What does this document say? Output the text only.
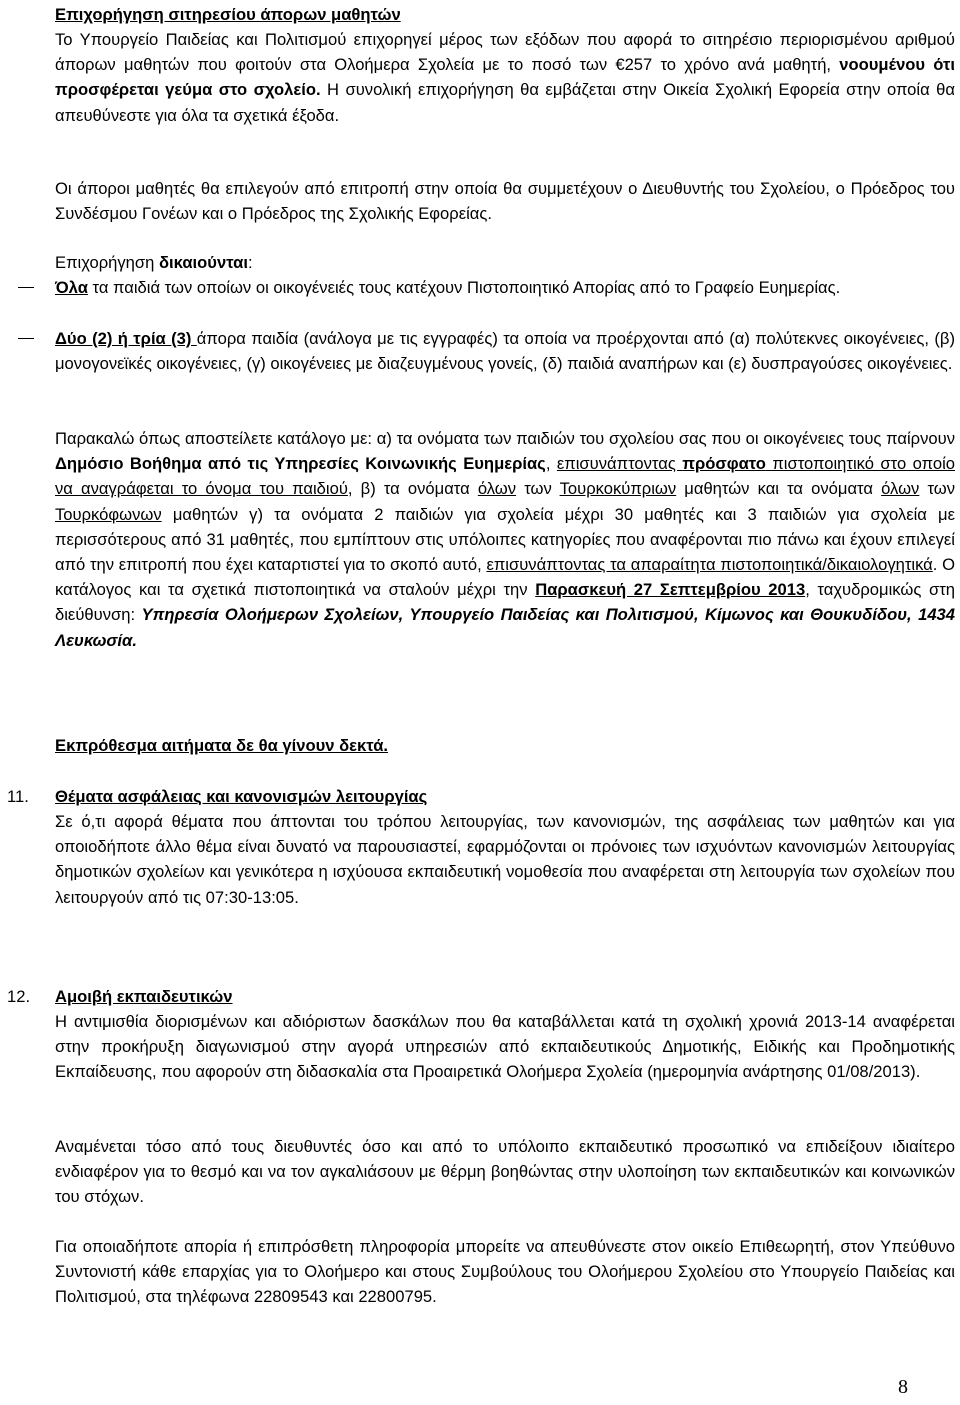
Επιχορήγηση σιτηρεσίου άπορων μαθητών
Το Υπουργείο Παιδείας και Πολιτισμού επιχορηγεί μέρος των εξόδων που αφορά το σιτηρέσιο περιορισμένου αριθμού άπορων μαθητών που φοιτούν στα Ολοήμερα Σχολεία με το ποσό των €257 το χρόνο ανά μαθητή, νοουμένου ότι προσφέρεται γεύμα στο σχολείο. Η συνολική επιχορήγηση θα εμβάζεται στην Οικεία Σχολική Εφορεία στην οποία θα απευθύνεστε για όλα τα σχετικά έξοδα.
Οι άποροι μαθητές θα επιλεγούν από επιτροπή στην οποία θα συμμετέχουν ο Διευθυντής του Σχολείου, ο Πρόεδρος του Συνδέσμου Γονέων και ο Πρόεδρος της Σχολικής Εφορείας.
Επιχορήγηση δικαιούνται:
Όλα τα παιδιά των οποίων οι οικογένειές τους κατέχουν Πιστοποιητικό Απορίας από το Γραφείο Ευημερίας.
Δύο (2) ή τρία (3) άπορα παιδία (ανάλογα με τις εγγραφές) τα οποία να προέρχονται από (α) πολύτεκνες οικογένειες, (β) μονογονεϊκές οικογένειες, (γ) οικογένειες με διαζευγμένους γονείς, (δ) παιδιά αναπήρων και (ε) δυσπραγούσες οικογένειες.
Παρακαλώ όπως αποστείλετε κατάλογο με: α) τα ονόματα των παιδιών του σχολείου σας που οι οικογένειες τους παίρνουν Δημόσιο Βοήθημα από τις Υπηρεσίες Κοινωνικής Ευημερίας, επισυνάπτοντας πρόσφατο πιστοποιητικό στο οποίο να αναγράφεται το όνομα του παιδιού, β) τα ονόματα όλων των Τουρκοκύπριων μαθητών και τα ονόματα όλων των Τουρκόφωνων μαθητών γ) τα ονόματα 2 παιδιών για σχολεία μέχρι 30 μαθητές και 3 παιδιών για σχολεία με περισσότερους από 31 μαθητές, που εμπίπτουν στις υπόλοιπες κατηγορίες που αναφέρονται πιο πάνω και έχουν επιλεγεί από την επιτροπή που έχει καταρτιστεί για το σκοπό αυτό, επισυνάπτοντας τα απαραίτητα πιστοποιητικά/δικαιολογητικά. Ο κατάλογος και τα σχετικά πιστοποιητικά να σταλούν μέχρι την Παρασκευή 27 Σεπτεμβρίου 2013, ταχυδρομικώς στη διεύθυνση: Υπηρεσία Ολοήμερων Σχολείων, Υπουργείο Παιδείας και Πολιτισμού, Κίμωνος και Θουκυδίδου, 1434 Λευκωσία.
Εκπρόθεσμα αιτήματα δε θα γίνουν δεκτά.
11. Θέματα ασφάλειας και κανονισμών λειτουργίας
Σε ό,τι αφορά θέματα που άπτονται του τρόπου λειτουργίας, των κανονισμών, της ασφάλειας των μαθητών και για οποιοδήποτε άλλο θέμα είναι δυνατό να παρουσιαστεί, εφαρμόζονται οι πρόνοιες των ισχυόντων κανονισμών λειτουργίας δημοτικών σχολείων και γενικότερα η ισχύουσα εκπαιδευτική νομοθεσία που αναφέρεται στη λειτουργία των σχολείων που λειτουργούν από τις 07:30-13:05.
12. Αμοιβή εκπαιδευτικών
Η αντιμισθία διορισμένων και αδιόριστων δασκάλων που θα καταβάλλεται κατά τη σχολική χρονιά 2013-14 αναφέρεται στην προκήρυξη διαγωνισμού στην αγορά υπηρεσιών από εκπαιδευτικούς Δημοτικής, Ειδικής και Προδημοτικής Εκπαίδευσης, που αφορούν στη διδασκαλία στα Προαιρετικά Ολοήμερα Σχολεία (ημερομηνία ανάρτησης 01/08/2013).
Αναμένεται τόσο από τους διευθυντές όσο και από το υπόλοιπο εκπαιδευτικό προσωπικό να επιδείξουν ιδιαίτερο ενδιαφέρον για το θεσμό και να τον αγκαλιάσουν με θέρμη βοηθώντας στην υλοποίηση των εκπαιδευτικών και κοινωνικών του στόχων.
Για οποιαδήποτε απορία ή επιπρόσθετη πληροφορία μπορείτε να απευθύνεστε στον οικείο Επιθεωρητή, στον Υπεύθυνο Συντονιστή κάθε επαρχίας για το Ολοήμερο και στους Συμβούλους του Ολοήμερου Σχολείου στο Υπουργείο Παιδείας και Πολιτισμού, στα τηλέφωνα 22809543 και 22800795.
8
